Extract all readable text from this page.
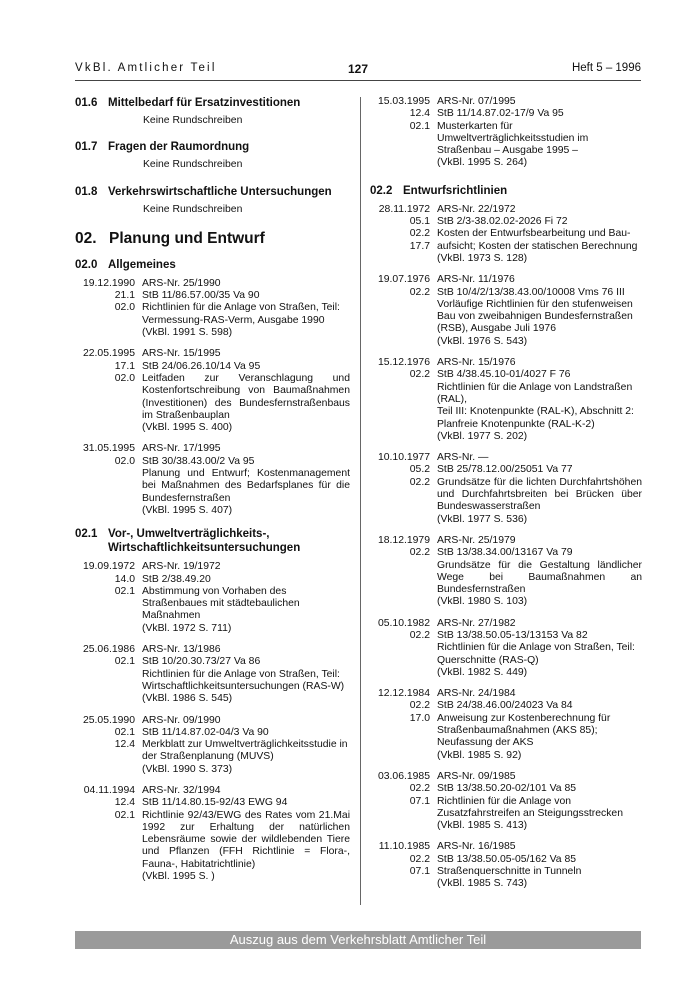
VkBl. Amtlicher Teil	127	Heft 5 – 1996
01.6 Mittelbedarf für Ersatzinvestitionen
Keine Rundschreiben
01.7 Fragen der Raumordnung
Keine Rundschreiben
01.8 Verkehrswirtschaftliche Untersuchungen
Keine Rundschreiben
02. Planung und Entwurf
02.0 Allgemeines
19.12.1990 ARS-Nr. 25/1990
21.1 StB 11/86.57.00/35 Va 90
02.0 Richtlinien für die Anlage von Straßen, Teil: Vermessung-RAS-Verm, Ausgabe 1990
(VkBl. 1991 S. 598)
22.05.1995 ARS-Nr. 15/1995
17.1 StB 24/06.26.10/14 Va 95
02.0 Leitfaden zur Veranschlagung und Kostenfortschreibung von Baumaßnahmen (Investitionen) des Bundesfernstraßenbaus im Straßenbauplan
(VkBl. 1995 S. 400)
31.05.1995 ARS-Nr. 17/1995
02.0 StB 30/38.43.00/2 Va 95
Planung und Entwurf; Kostenmanagement bei Maßnahmen des Bedarfsplanes für die Bundesfernstraßen
(VkBl. 1995 S. 407)
02.1 Vor-, Umweltverträglichkeits-, Wirtschaftlichkeitsuntersuchungen
19.09.1972 ARS-Nr. 19/1972
14.0 StB 2/38.49.20
02.1 Abstimmung von Vorhaben des Straßenbaues mit städtebaulichen Maßnahmen
(VkBl. 1972 S. 711)
25.06.1986 ARS-Nr. 13/1986
02.1 StB 10/20.30.73/27 Va 86
Richtlinien für die Anlage von Straßen, Teil: Wirtschaftlichkeitsuntersuchungen (RAS-W)
(VkBl. 1986 S. 545)
25.05.1990 ARS-Nr. 09/1990
02.1 StB 11/14.87.02-04/3 Va 90
12.4 Merkblatt zur Umweltverträglichkeitsstudie in der Straßenplanung (MUVS)
(VkBl. 1990 S. 373)
04.11.1994 ARS-Nr. 32/1994
12.4 StB 11/14.80.15-92/43 EWG 94
02.1 Richtlinie 92/43/EWG des Rates vom 21.Mai 1992 zur Erhaltung der natürlichen Lebensräume sowie der wildlebenden Tiere und Pflanzen (FFH Richtlinie = Flora-, Fauna-, Habitatrichtlinie)
(VkBl. 1995 S. )
15.03.1995 ARS-Nr. 07/1995
12.4 StB 11/14.87.02-17/9 Va 95
02.1 Musterkarten für Umweltverträglichkeitsstudien im Straßenbau – Ausgabe 1995 –
(VkBl. 1995 S. 264)
02.2 Entwurfsrichtlinien
28.11.1972 ARS-Nr. 22/1972
05.1 StB 2/3-38.02.02-2026 Fi 72
02.2 Kosten der Entwurfsbearbeitung und Bau-
17.7 aufsicht; Kosten der statischen Berechnung
(VkBl. 1973 S. 128)
19.07.1976 ARS-Nr. 11/1976
02.2 StB 10/4/2/13/38.43.00/10008 Vms 76 III Vorläufige Richtlinien für den stufenweisen Bau von zweibahnigen Bundesfernstraßen (RSB), Ausgabe Juli 1976
(VkBl. 1976 S. 543)
15.12.1976 ARS-Nr. 15/1976
02.2 StB 4/38.45.10-01/4027 F 76
Richtlinien für die Anlage von Landstraßen (RAL),
Teil III: Knotenpunkte (RAL-K), Abschnitt 2: Planfreie Knotenpunkte (RAL-K-2)
(VkBl. 1977 S. 202)
10.10.1977 ARS-Nr. —
05.2 StB 25/78.12.00/25051 Va 77
02.2 Grundsätze für die lichten Durchfahrtshöhen und Durchfahrtsbreiten bei Brücken über Bundeswasserstraßen
(VkBl. 1977 S. 536)
18.12.1979 ARS-Nr. 25/1979
02.2 StB 13/38.34.00/13167 Va 79
Grundsätze für die Gestaltung ländlicher Wege bei Baumaßnahmen an Bundesfernstraßen
(VkBl. 1980 S. 103)
05.10.1982 ARS-Nr. 27/1982
02.2 StB 13/38.50.05-13/13153 Va 82
Richtlinien für die Anlage von Straßen, Teil: Querschnitte (RAS-Q)
(VkBl. 1982 S. 449)
12.12.1984 ARS-Nr. 24/1984
02.2 StB 24/38.46.00/24023 Va 84
17.0 Anweisung zur Kostenberechnung für Straßenbaumaßnahmen (AKS 85); Neufassung der AKS
(VkBl. 1985 S. 92)
03.06.1985 ARS-Nr. 09/1985
02.2 StB 13/38.50.20-02/101 Va 85
07.1 Richtlinien für die Anlage von Zusatzfahrstreifen an Steigungsstrecken
(VkBl. 1985 S. 413)
11.10.1985 ARS-Nr. 16/1985
02.2 StB 13/38.50.05-05/162 Va 85
07.1 Straßenquerschnitte in Tunneln
(VkBl. 1985 S. 743)
Auszug aus dem Verkehrsblatt Amtlicher Teil
